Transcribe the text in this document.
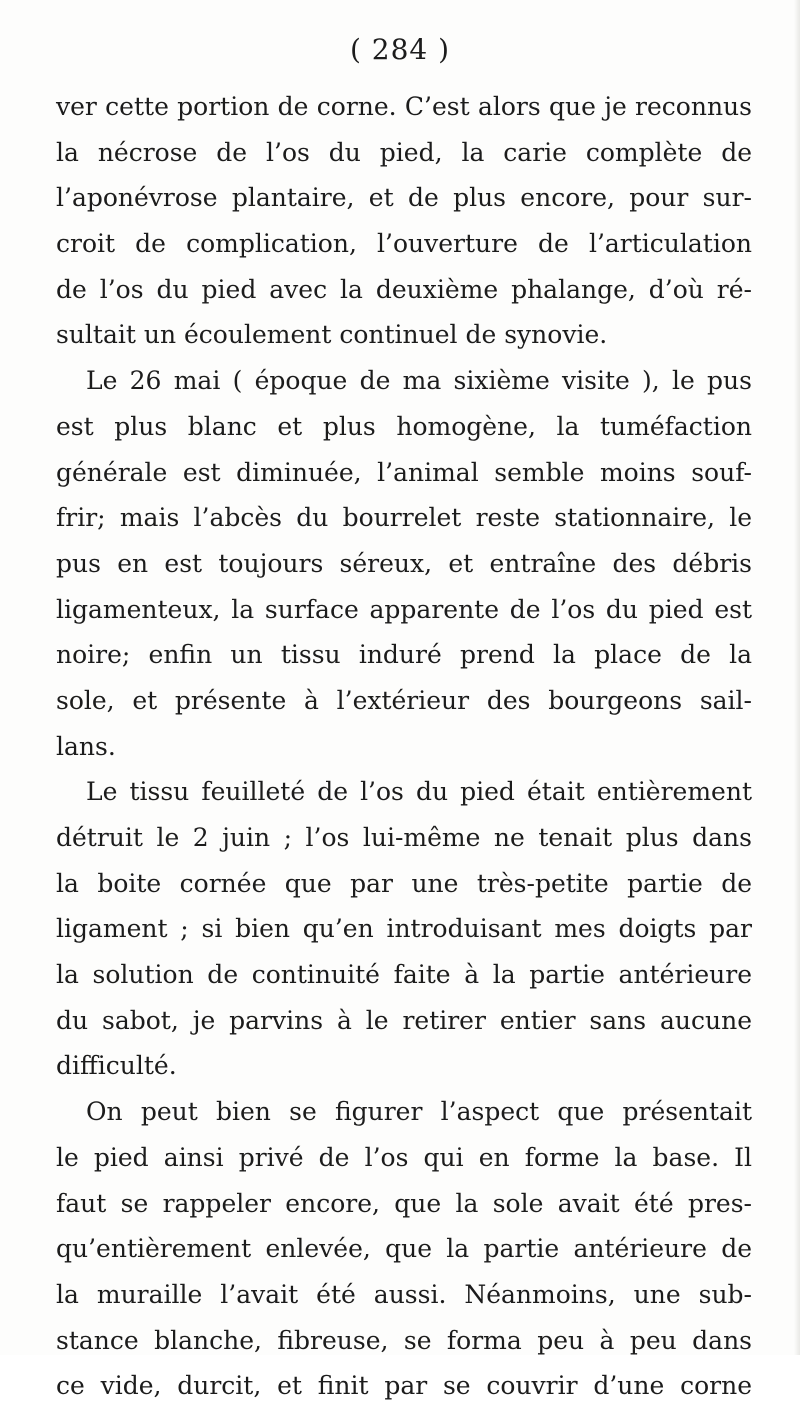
( 284 )
ver cette portion de corne. C’est alors que je reconnus
la nécrose de l’os du pied, la carie complète de
l’aponévrose plantaire, et de plus encore, pour sur-
croit de complication, l’ouverture de l’articulation
de l’os du pied avec la deuxième phalange, d’où ré-
sultait un écoulement continuel de synovie.
Le 26 mai ( époque de ma sixième visite ), le pus
est plus blanc et plus homogène, la tuméfaction
générale est diminuée, l’animal semble moins souf-
frir; mais l’abcès du bourrelet reste stationnaire, le
pus en est toujours séreux, et entraîne des débris
ligamenteux, la surface apparente de l’os du pied est
noire; enfin un tissu induré prend la place de la
sole, et présente à l’extérieur des bourgeons sail-
lans.
Le tissu feuilleté de l’os du pied était entièrement
détruit le 2 juin ; l’os lui-même ne tenait plus dans
la boite cornée que par une très-petite partie de
ligament ; si bien qu’en introduisant mes doigts par
la solution de continuité faite à la partie antérieure
du sabot, je parvins à le retirer entier sans aucune
difficulté.
On peut bien se figurer l’aspect que présentait
le pied ainsi privé de l’os qui en forme la base. Il
faut se rappeler encore, que la sole avait été pres-
qu’entièrement enlevée, que la partie antérieure de
la muraille l’avait été aussi. Néanmoins, une sub-
stance blanche, fibreuse, se forma peu à peu dans
ce vide, durcit, et finit par se couvrir d’une corne
